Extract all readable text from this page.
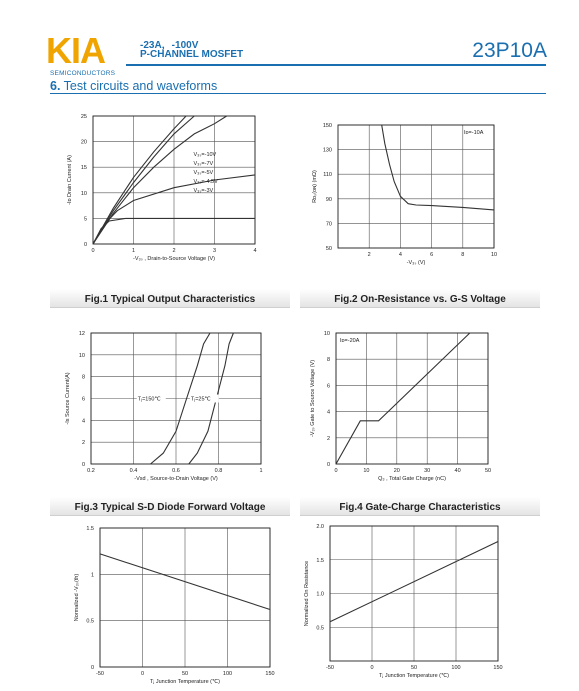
KIA
SEMICONDUCTORS
-23A，-100V
P-CHANNEL MOSFET	23P10A
6. Test circuits and waveforms
Fig.1 Typical Output Characteristics	Fig.2 On-Resistance vs. G-S Voltage
Fig.3 Typical S-D Diode Forward Voltage	Fig.4 Gate-Charge Characteristics
0	1	2	3	4
0
5
10
15
20
25
-V₃ₛ , Drain-to-Source Voltage (V)
-Iᴅ Drain Current (A)
V₃ₛ=-10V
V₃ₛ=-7V
V₃ₛ=-5V
V₃ₛ=-4.5V
V₃ₛ=-3V
2	4	6	8	10
50
70
90
110
130
150
-V₃ₛ (V)
Rᴅₛ(ᴏɴ) (mΩ)
Iᴅ=-10A
0.2	0.4	0.6	0.8	1
0
2
4
6
8
10
12
-Vsd , Source-to-Drain Voltage (V)
-Is Source Current(A)	Tⱼ=150℃	Tⱼ=25℃
0	10	20	30	40	50
0
2
4
6
8
10
Q₃ , Total Gate Charge (nC)
-V₃ₛ Gate to Source Voltage (V)
Iᴅ=-20A
-50	0	50	100	150
0
0.5
1
1.5
Tⱼ Junction Temperature (℃)
Normalized -V₃ₛ(th)
-50	0	50	100	150
0.5
1.0
1.5
2.0
Tⱼ Junction Temperature (℃)
Normalized On Resistance
